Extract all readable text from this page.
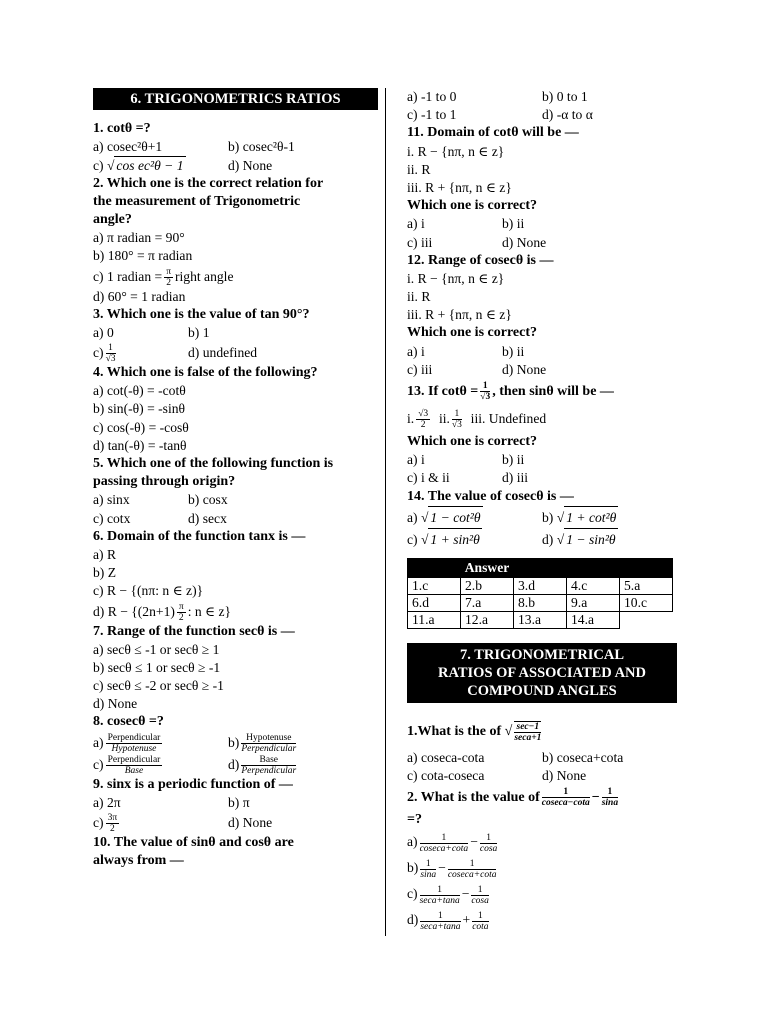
6. TRIGONOMETRICS RATIOS
1. cotθ =?
a) cosec²θ+1	b) cosec²θ-1
c) √ cos ec²θ − 1	d) None
2. Which one is the correct relation for
the measurement of Trigonometric
angle?
a) π radian = 90°
b) 180° = π radian
c) 1 radian = $\frac{\pi}{2}$ right angle
d) 60° = 1 radian
3. Which one is the value of tan 90°?
a) 0	b) 1
$c) \frac{1}{√3}$	d) undefined
4. Which one is false of the following?
a) cot(-θ) = -cotθ
b) sin(-θ) = -sinθ
c) cos(-θ) = -cosθ
d) tan(-θ) = -tanθ
5. Which one of the following function is
passing through origin?
a) sinx	b) cosx
c) cotx	d) secx
6. Domain of the function tanx is —
a) R
b) Z
c) R − {(nπ: n ∈ z)}
d) $R - \{(2n+1) \frac{\pi}{2}$ : n ∈ z}
7. Range of the function secθ is —
a) secθ ≤ -1 or secθ ≥ 1
b) secθ ≤ 1 or secθ ≥ -1
c) secθ ≤ -2 or secθ ≥ -1
d) None
8. cosecθ =?
$a) \frac{\text{Perpendicular}}{\text{Hypotenuse}}$	$b) \frac{\text{Hypotenuse}}{\text{Perpendicular}}$
$c) \frac{\text{Perpendicular}}{\text{Base}}$	$d) \frac{\text{Base}}{\text{Perpendicular}}$
9. sinx is a periodic function of —
a) 2π	b) π
$c) \frac{3\pi}{2}$	d) None
10. The value of sinθ and cosθ are
always from —
a) -1 to 0	b) 0 to 1
c) -1 to 1	d) -α to α
11. Domain of cotθ will be —
i. R − {nπ, n ∈ z}
ii. R
iii. R + {nπ, n ∈ z}
Which one is correct?
a) i	b) ii
c) iii	d) None
12. Range of cosecθ is —
i. R − {nπ, n ∈ z}
ii. R
iii. R + {nπ, n ∈ z}
Which one is correct?
a) i	b) ii
c) iii	d) None
13. If $\cot\theta = \frac{1}{√3}$ , then sinθ will be —
i. $\frac{√3}{2}$ ii. $\frac{1}{√3}$ iii. Undefined
Which one is correct?
a) i	b) ii
c) i & ii	d) iii
14. The value of cosecθ is —
a) √ 1 − cot²θ	b) √ 1 + cot²θ
c) √ 1 + sin²θ	d) √ 1 − sin²θ
Answer				
1.c	2.b	3.d	4.c	5.a
6.d	7.a	8.b	9.a	10.c
11.a	12.a	13.a	14.a	
7. TRIGONOMETRICAL
RATIOS OF ASSOCIATED AND
COMPOUND ANGLES
1.What is the of √ $\frac{\sec-1}{\sec a+1}$
a) coseca-cota	b) coseca+cota
c) cota-coseca	d) None
2. What is the value of $\frac{1}{coseca-\cot a} - \frac{1}{\sin a}$
=?
$a) \frac{1}{coseca+\cot a} - \frac{1}{\cos a}$
$b) \frac{1}{\sin a} - \frac{1}{coseca+\cot a}$
$c) \frac{1}{\sec a+\tan a} - \frac{1}{\cos a}$
$d) \frac{1}{\sec a+\tan a} + \frac{1}{\cot a}$
